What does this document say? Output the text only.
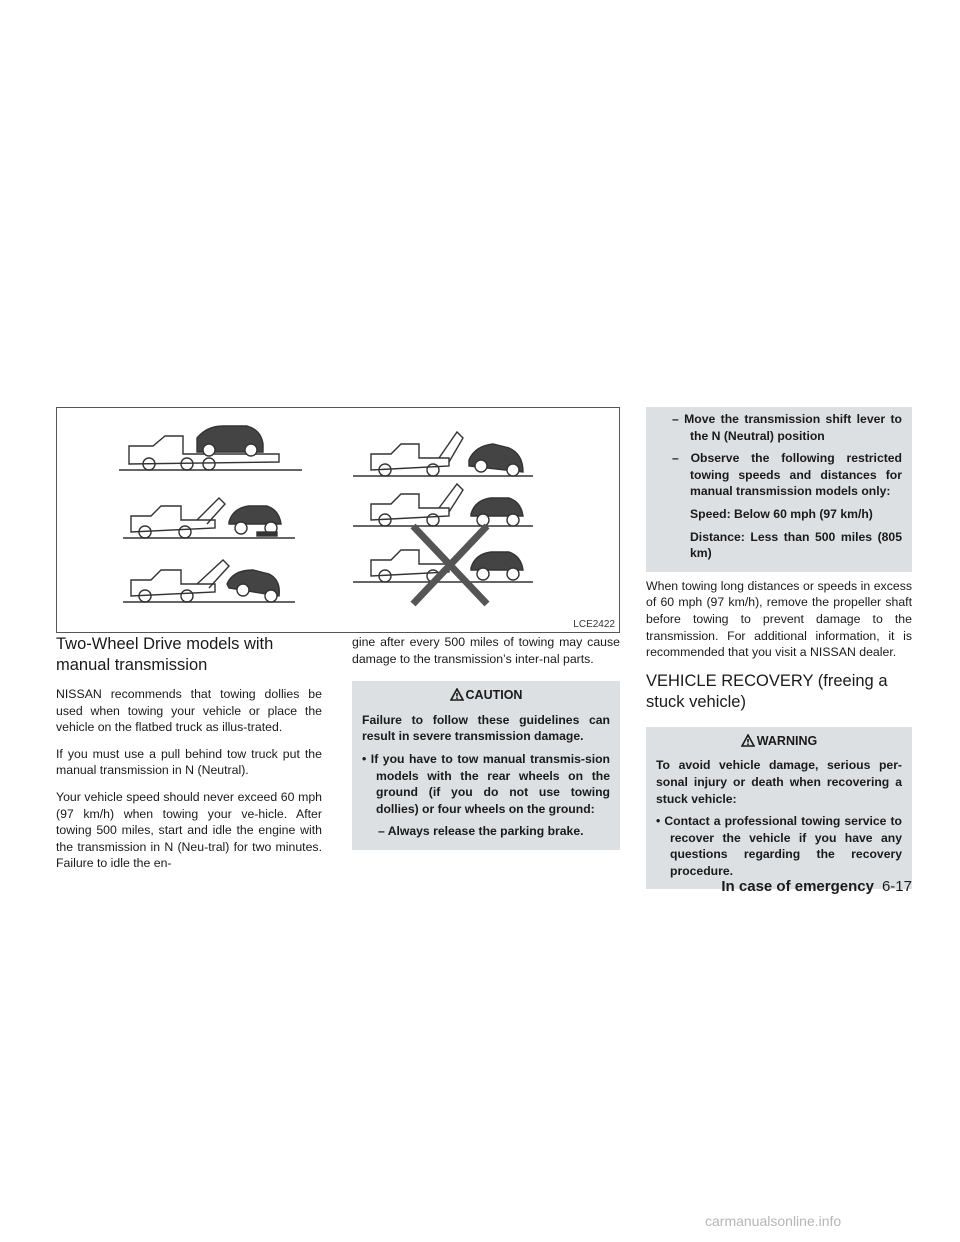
LCE2422
Two-Wheel Drive models with manual transmission

NISSAN recommends that towing dollies be used when towing your vehicle or place the vehicle on the flatbed truck as illus-trated.

If you must use a pull behind tow truck put the manual transmission in N (Neutral).

Your vehicle speed should never exceed 60 mph (97 km/h) when towing your ve-hicle. After towing 500 miles, start and idle the engine with the transmission in N (Neu-tral) for two minutes. Failure to idle the en-

gine after every 500 miles of towing may cause damage to the transmission’s inter-nal parts.

CAUTION

Failure to follow these guidelines can result in severe transmission damage.

• If you have to tow manual transmis-sion models with the rear wheels on the ground (if you do not use towing dollies) or four wheels on the ground:

– Always release the parking brake.

– Move the transmission shift lever to the N (Neutral) position

– Observe the following restricted towing speeds and distances for manual transmission models only:

Speed: Below 60 mph (97 km/h)

Distance: Less than 500 miles (805 km)

When towing long distances or speeds in excess of 60 mph (97 km/h), remove the propeller shaft before towing to prevent damage to the transmission. For additional information, it is recommended that you visit a NISSAN dealer.

VEHICLE RECOVERY (freeing a stuck vehicle)
WARNING

To avoid vehicle damage, serious per-sonal injury or death when recovering a stuck vehicle:

• Contact a professional towing service to recover the vehicle if you have any questions regarding the recovery procedure.

In case of emergency 6-17
carmanualsonline.info
